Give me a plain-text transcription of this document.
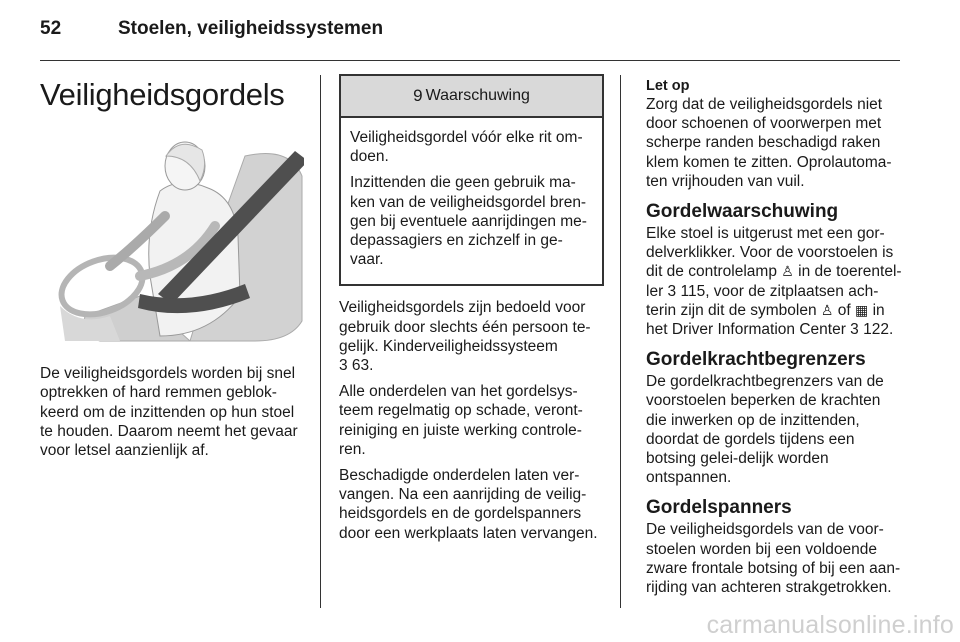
52	Stoelen, veiligheidssystemen
Veiligheidsgordels

De veiligheidsgordels worden bij snel optrekken of hard remmen geblok-keerd om de inzittenden op hun stoel te houden. Daarom neemt het gevaar voor letsel aanzienlijk af.

9 Waarschuwing

Veiligheidsgordel vóór elke rit om-doen.

Inzittenden die geen gebruik ma-ken van de veiligheidsgordel bren-gen bij eventuele aanrijdingen me-depassagiers en zichzelf in ge-vaar.

Veiligheidsgordels zijn bedoeld voor gebruik door slechts één persoon te-gelijk. Kinderveiligheidssysteem
3 63.

Alle onderdelen van het gordelsys-teem regelmatig op schade, veront-reiniging en juiste werking controle-ren.

Beschadigde onderdelen laten ver-vangen. Na een aanrijding de veilig-heidsgordels en de gordelspanners door een werkplaats laten vervangen.

Let op

Zorg dat de veiligheidsgordels niet door schoenen of voorwerpen met scherpe randen beschadigd raken klem komen te zitten. Oprolautoma-ten vrijhouden van vuil.

Gordelwaarschuwing

Elke stoel is uitgerust met een gor-delverklikker. Voor de voorstoelen is dit de controlelamp ♙ in de toerentel-ler 3 115, voor de zitplaatsen ach-terin zijn dit de symbolen ♙ of ▦ in het Driver Information Center 3 122.

Gordelkrachtbegrenzers

De gordelkrachtbegrenzers van de voorstoelen beperken de krachten die inwerken op de inzittenden, doordat de gordels tijdens een botsing gelei-delijk worden ontspannen.

Gordelspanners

De veiligheidsgordels van de voor-stoelen worden bij een voldoende zware frontale botsing of bij een aan-rijding van achteren strakgetrokken.

carmanualsonline.info
